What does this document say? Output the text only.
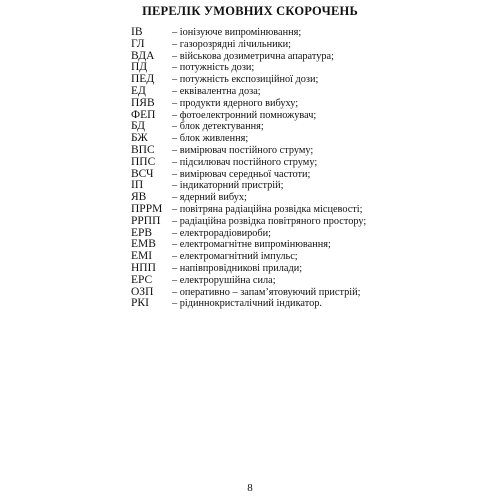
ПЕРЕЛІК УМОВНИХ СКОРОЧЕНЬ
ІВ	– іонізуюче випромінювання;
ГЛ	– газорозрядні лічильники;
ВДА	– військова дозиметрична апаратура;
ПД	– потужність дози;
ПЕД	– потужність експозиційної дози;
ЕД	– еквівалентна доза;
ПЯВ	– продукти ядерного вибуху;
ФЕП	– фотоелектронний помножувач;
БД	– блок детектування;
БЖ	– блок живлення;
ВПС	– вимірювач постійного струму;
ППС	– підсилювач постійного струму;
ВСЧ	– вимірювач середньої частоти;
ІП	– індикаторний пристрій;
ЯВ	– ядерний вибух;
ПРРМ – повітряна радіаційна розвідка місцевості;
РРПП	– радіаційна розвідка повітряного простору;
ЕРВ	– електрорадіовироби;
ЕМВ	– електромагнітне випромінювання;
ЕМІ	– електромагнітний імпульс;
НПП	– напівпровідникові прилади;
ЕРС	– електрорушійна сила;
ОЗП	– оперативно – запам’ятовуючий пристрій;
РКІ	– рідиннокристалічний індикатор.
8
